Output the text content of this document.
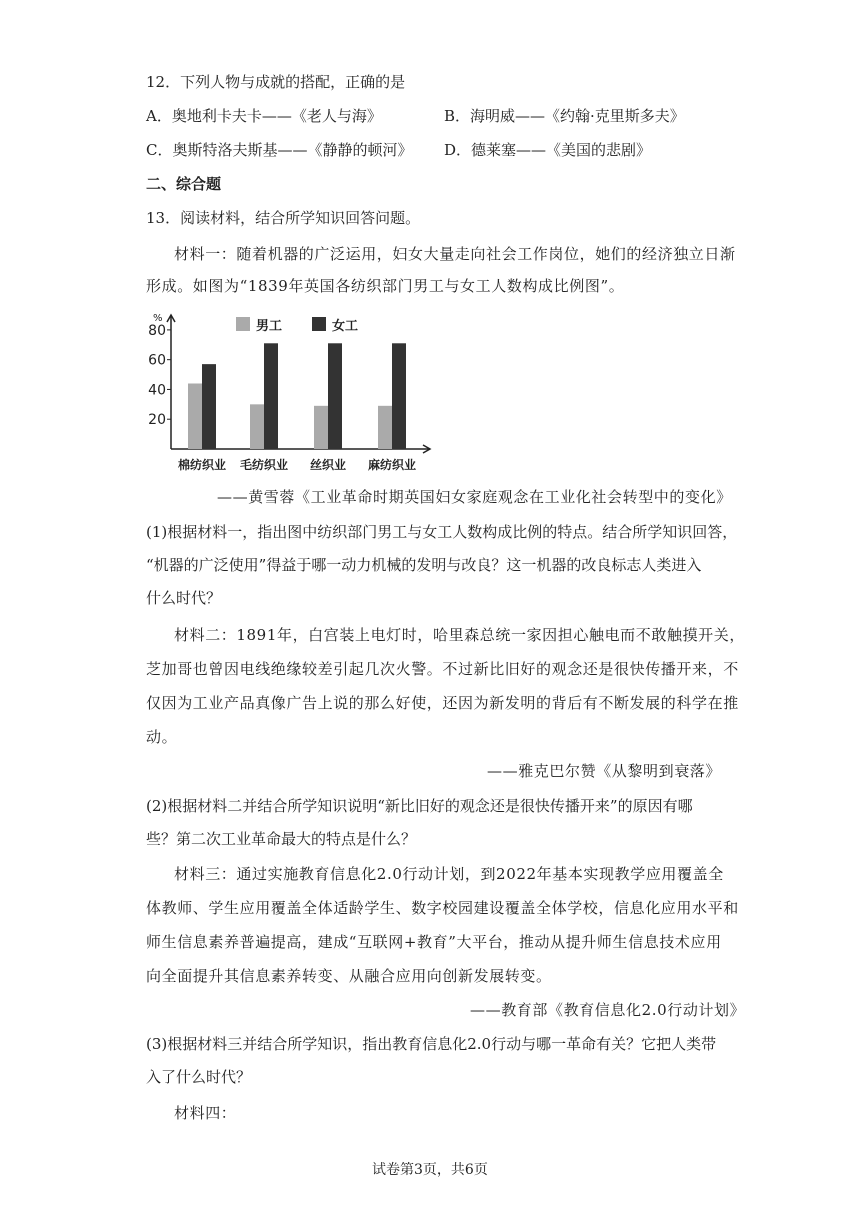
12．下列人物与成就的搭配，正确的是
A．奥地利卡夫卡——《老人与海》	B．海明威——《约翰·克里斯多夫》
C．奥斯特洛夫斯基——《静静的顿河》 D．德莱塞——《美国的悲剧》
二、综合题
13．阅读材料，结合所学知识回答问题。
材料一：随着机器的广泛运用，妇女大量走向社会工作岗位，她们的经济独立日渐
形成。如图为“1839年英国各纺织部门男工与女工人数构成比例图”。
%
20
40
60
80	男工	女工
棉纺织业 毛纺织业 丝织业 麻纺织业
——黄雪蓉《工业革命时期英国妇女家庭观念在工业化社会转型中的变化》
(1)根据材料一，指出图中纺织部门男工与女工人数构成比例的特点。结合所学知识回答，
“机器的广泛使用”得益于哪一动力机械的发明与改良？这一机器的改良标志人类进入
什么时代？
材料二：1891年，白宫装上电灯时，哈里森总统一家因担心触电而不敢触摸开关，
芝加哥也曾因电线绝缘较差引起几次火警。不过新比旧好的观念还是很快传播开来，不
仅因为工业产品真像广告上说的那么好使，还因为新发明的背后有不断发展的科学在推
动。
——雅克巴尔赞《从黎明到衰落》
(2)根据材料二并结合所学知识说明“新比旧好的观念还是很快传播开来”的原因有哪
些？第二次工业革命最大的特点是什么？
材料三：通过实施教育信息化2.0行动计划，到2022年基本实现教学应用覆盖全
体教师、学生应用覆盖全体适龄学生、数字校园建设覆盖全体学校，信息化应用水平和
师生信息素养普遍提高，建成“互联网+教育”大平台，推动从提升师生信息技术应用
向全面提升其信息素养转变、从融合应用向创新发展转变。
——教育部《教育信息化2.0行动计划》
(3)根据材料三并结合所学知识，指出教育信息化2.0行动与哪一革命有关？它把人类带
入了什么时代？
材料四：
试卷第3页，共6页
